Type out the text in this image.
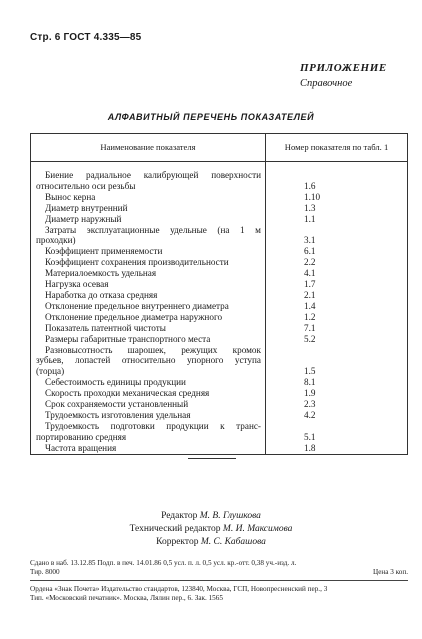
Стр. 6 ГОСТ 4.335—85
ПРИЛОЖЕНИЕ
Справочное
АЛФАВИТНЫЙ ПЕРЕЧЕНЬ ПОКАЗАТЕЛЕЙ
Наименование показателя	Номер показателя по табл. 1
Биение радиальное калибрующей поверхности
относительно оси резьбы	1.6
Вынос керна	1.10
Диаметр внутренний	1.3
Диаметр наружный	1.1
Затраты эксплуатационные удельные (на 1 м
проходки)	3.1
Коэффициент применяемости	6.1
Коэффициент сохранения производительности	2.2
Материалоемкость удельная	4.1
Нагрузка осевая	1.7
Наработка до отказа средняя	2.1
Отклонение предельное внутреннего диаметра	1.4
Отклонение предельное диаметра наружного	1.2
Показатель патентной чистоты	7.1
Размеры габаритные транспортного места	5.2
Разновысотность шарошек, режущих кромок
зубьев, лопастей относительно упорного уступа
(торца)	1.5
Себестоимость единицы продукции	8.1
Скорость проходки механическая средняя	1.9
Срок сохраняемости установленный	2.3
Трудоемкость изготовления удельная	4.2
Трудоемкость подготовки продукции к транс-
портированию средняя	5.1
Частота вращения	1.8
Редактор М. В. Глушкова
Технический редактор М. И. Максимова
Корректор М. С. Кабашова
Сдано в наб. 13.12.85 Подп. в печ. 14.01.86 0,5 усл. п. л. 0,5 усл. кр.-отт. 0,38 уч.-изд. л.
Тир. 8000	Цена 3 коп.
Ордена «Знак Почета» Издательство стандартов, 123840, Москва, ГСП, Новопресненский пер., 3
Тип. «Московский печатник». Москва, Лялин пер., 6. Зак. 1565
